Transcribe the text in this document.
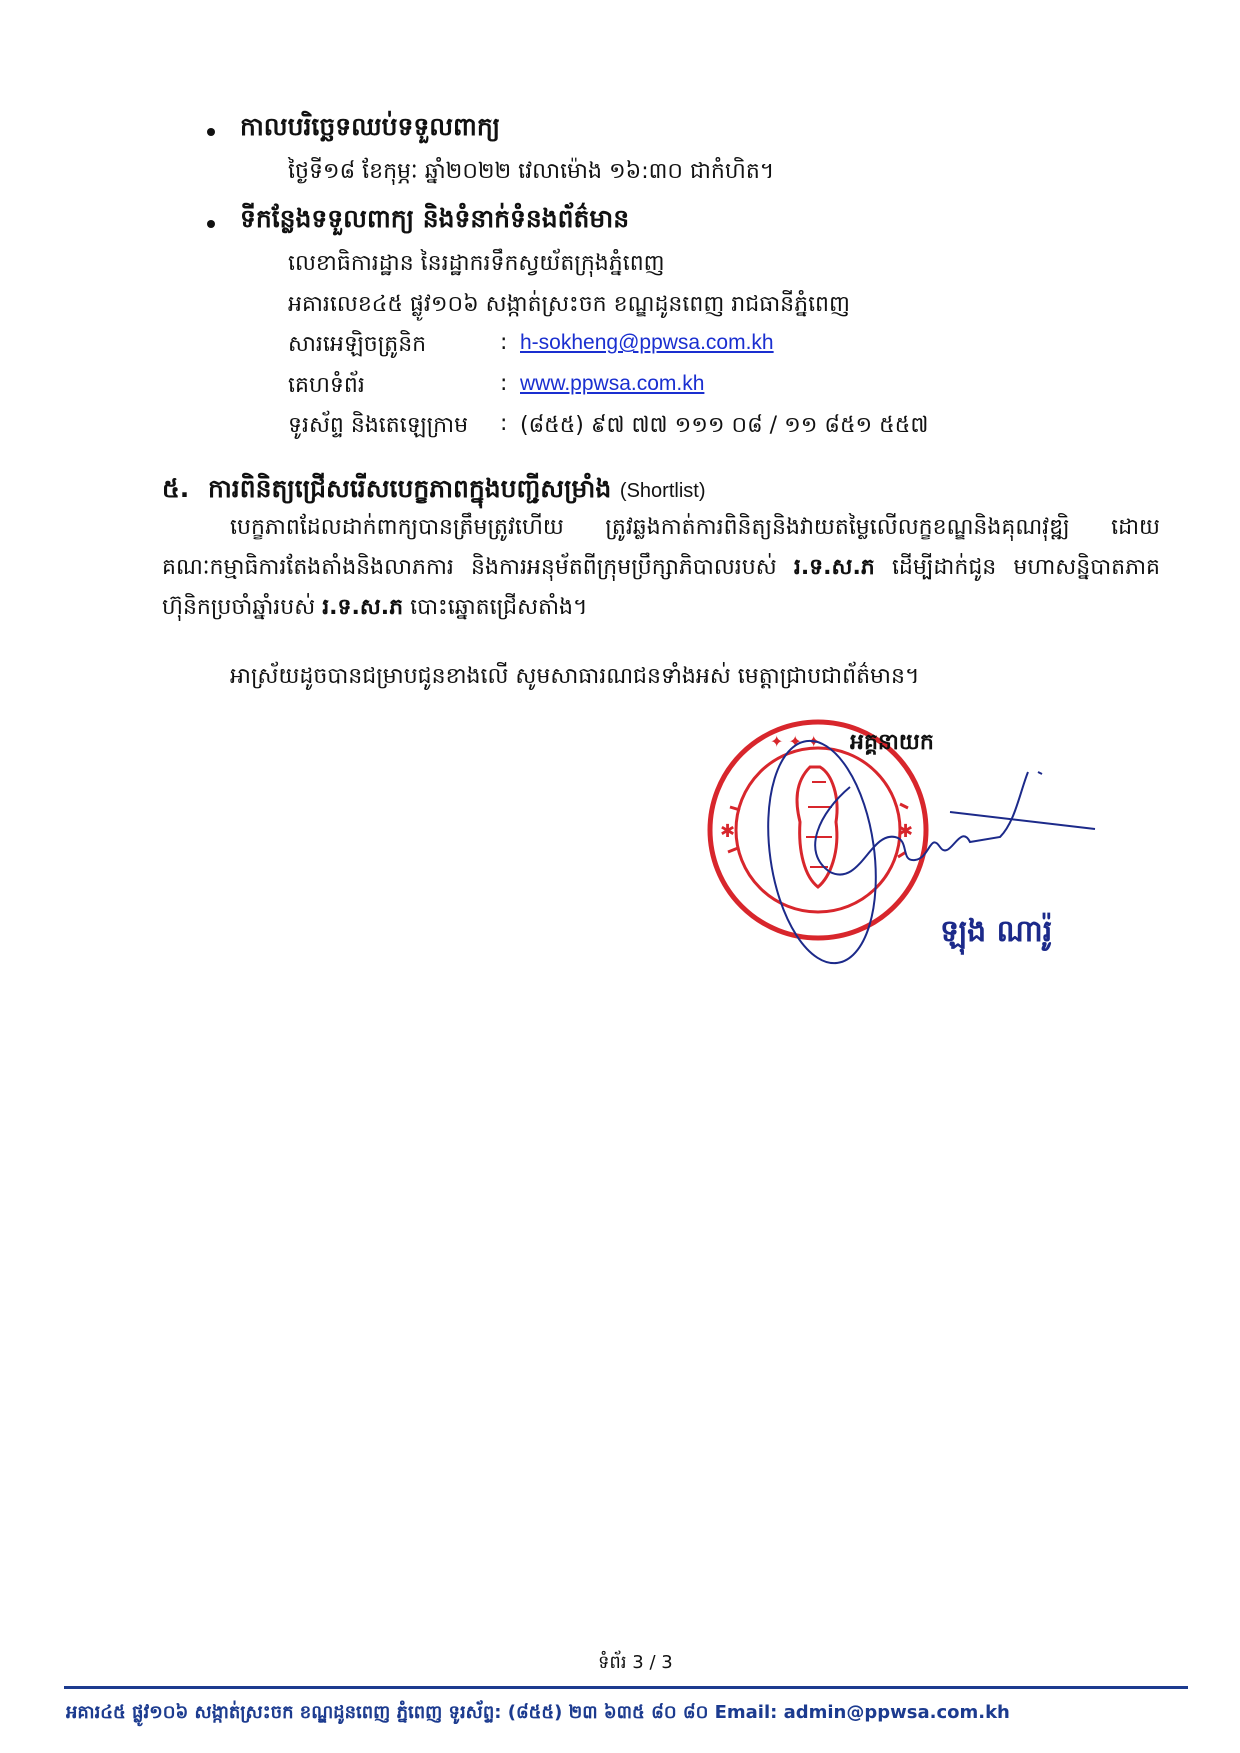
កាលបរិច្ឆេទឈប់ទទួលពាក្យ
ថ្ងៃទី១៨ ខែកុម្ភៈ ឆ្នាំ២០២២ វេលាម៉ោង ១៦:៣០ ជាកំហិត។
ទីកន្លែងទទួលពាក្យ និងទំនាក់ទំនងព័ត៌មាន
លេខាធិការដ្ឋាន នៃរដ្ឋាករទឹកស្វយ័តក្រុងភ្នំពេញ
អគារលេខ៤៥ ផ្លូវ១០៦ សង្កាត់ស្រះចក ខណ្ឌដូនពេញ រាជធានីភ្នំពេញ
សារអេឡិចត្រូនិក	: h-sokheng@ppwsa.com.kh
គេហទំព័រ	: www.ppwsa.com.kh
ទូរស័ព្ទ និងតេឡេក្រាម : (៨៥៥) ៩៧ ៧៧ ១១១ ០៨ / ១១ ៨៥១ ៥៥៧
៥. ការពិនិត្យជ្រើសរើសបេក្ខភាពក្នុងបញ្ជីសម្រាំង (Shortlist)
បេក្ខភាពដែលដាក់ពាក្យបានត្រឹមត្រូវហើយ ត្រូវឆ្លងកាត់ការពិនិត្យនិងវាយតម្លៃលើលក្ខខណ្ឌនិងគុណវុឌ្ឍិ ដោយគណៈកម្មាធិការតែងតាំងនិងលាភការ និងការអនុម័តពីក្រុមប្រឹក្សាភិបាលរបស់ រ.ទ.ស.ភ ដើម្បីដាក់ជូន មហាសន្និបាតភាគហ៊ុនិកប្រចាំឆ្នាំរបស់ រ.ទ.ស.ភ បោះឆ្នោតជ្រើសតាំង។
អាស្រ័យដូចបានជម្រាបជូនខាងលើ សូមសាធារណជនទាំងអស់ មេត្តាជ្រាបជាព័ត៌មាន។
✦ ✦ ✦
✱	✱
អគ្គនាយក
ឡុង ណារ៉ូ
ទំព័រ 3 / 3
អគារ៤៥ ផ្លូវ១០៦ សង្កាត់ស្រះចក ខណ្ឌដូនពេញ ភ្នំពេញ ទូរស័ព្ទ: (៨៥៥) ២៣ ៦៣៥ ៨០ ៨០ Email: admin@ppwsa.com.kh
